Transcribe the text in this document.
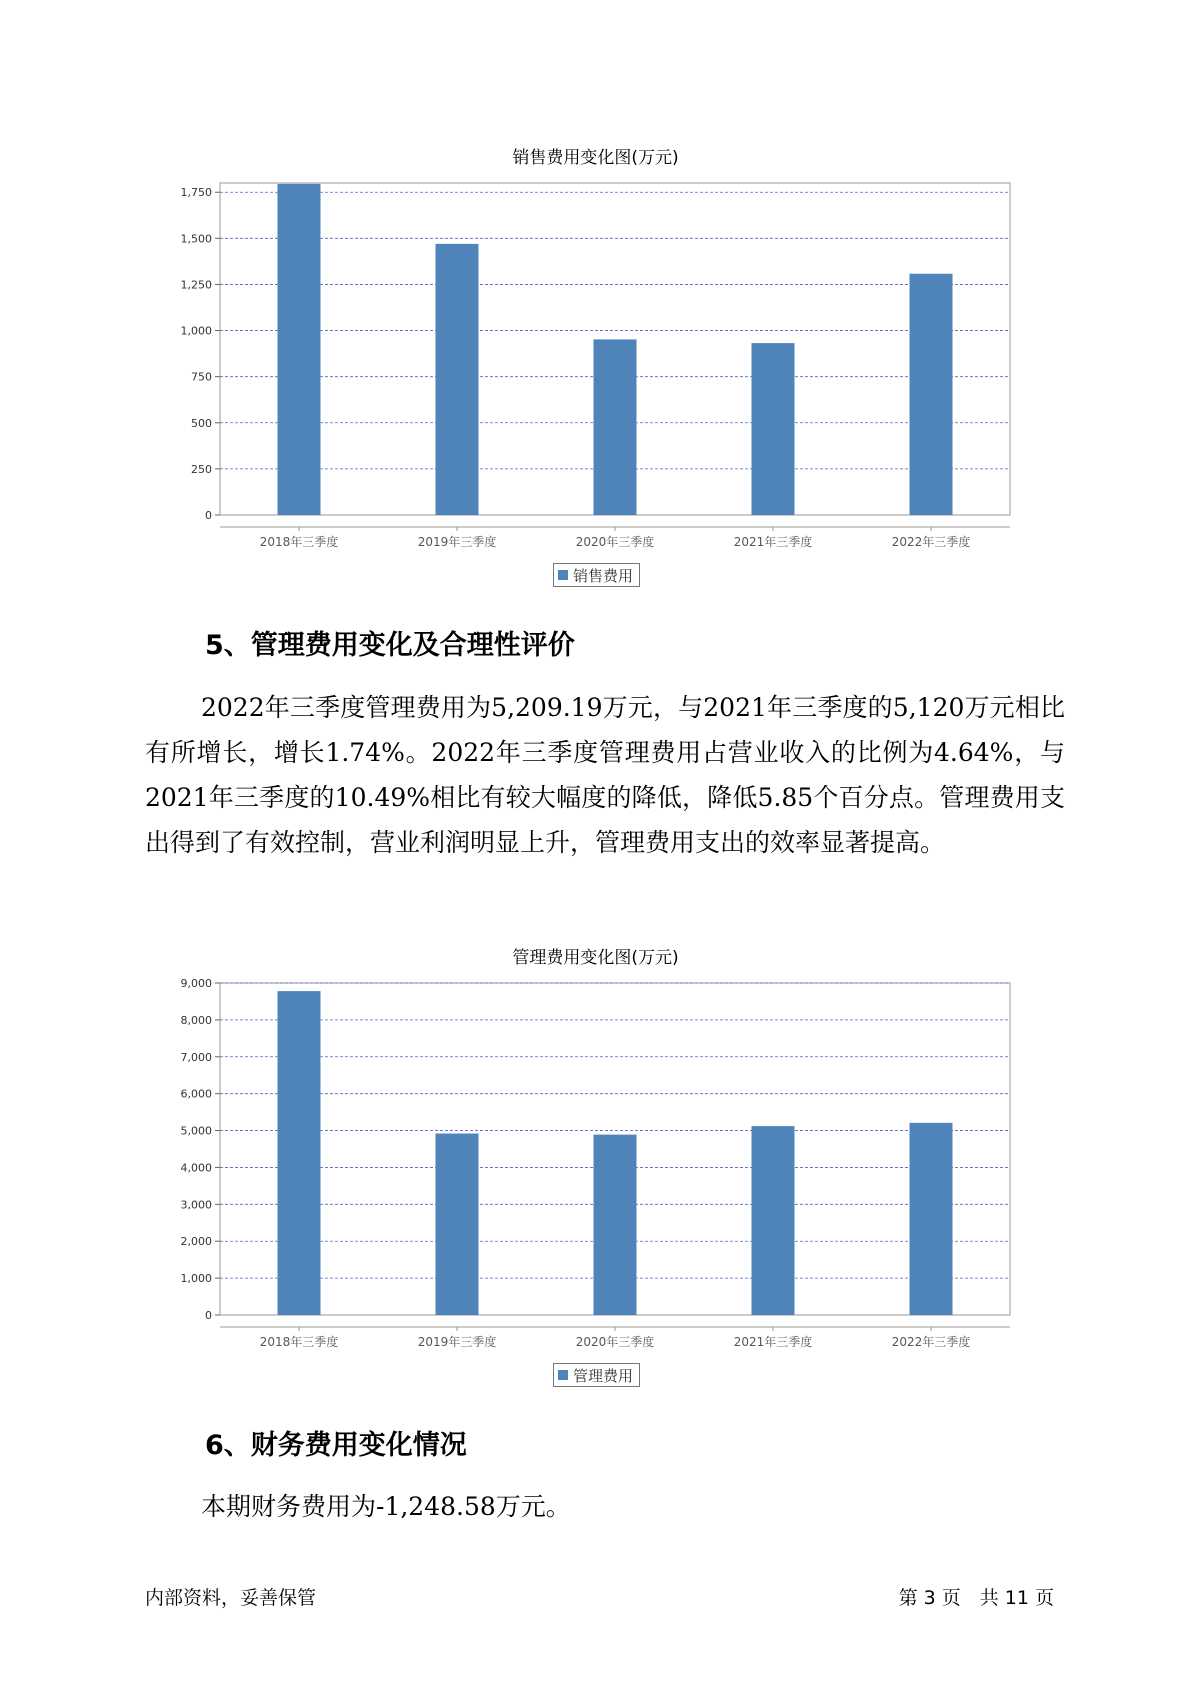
销售费用变化图(万元)
0
250
500
750
1,000
1,250
1,500
1,750
2018年三季度	2019年三季度	2020年三季度	2021年三季度	2022年三季度
销售费用
5、管理费用变化及合理性评价

2022年三季度管理费用为5,209.19万元，与2021年三季度的5,120万元相比有所增长，增长1.74%。2022年三季度管理费用占营业收入的比例为4.64%，与2021年三季度的10.49%相比有较大幅度的降低，降低5.85个百分点。管理费用支出得到了有效控制，营业利润明显上升，管理费用支出的效率显著提高。

管理费用变化图(万元)
0
1,000
2,000
3,000
4,000
5,000
6,000
7,000
8,000
9,000
2018年三季度	2019年三季度	2020年三季度	2021年三季度	2022年三季度
管理费用
6、财务费用变化情况

本期财务费用为-1,248.58万元。

内部资料，妥善保管	第 3 页　共 11 页
